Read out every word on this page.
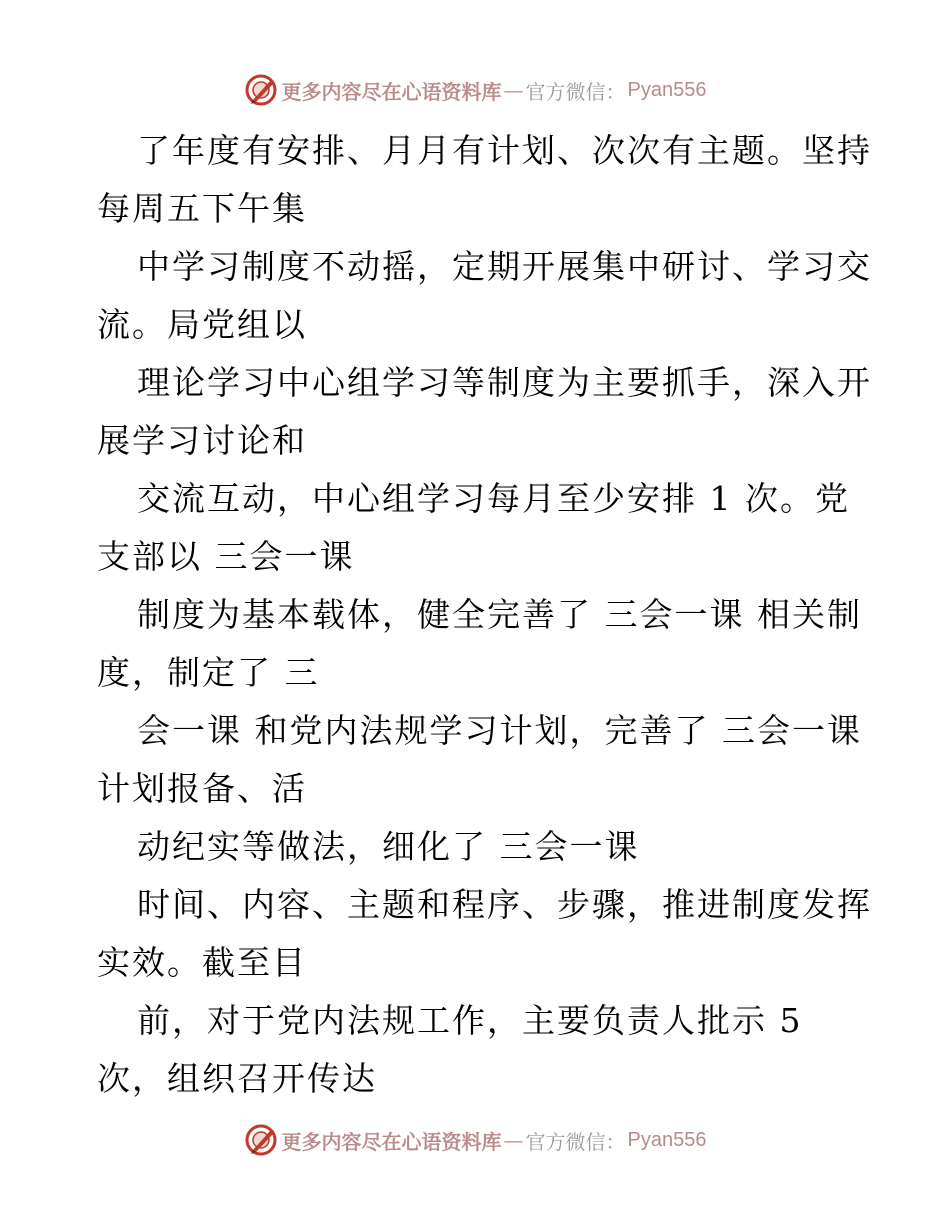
更多内容尽在心语资料库 — 官方微信： Pyan556
了年度有安排、月月有计划、次次有主题。坚持
每周五下午集
中学习制度不动摇，定期开展集中研讨、学习交
流。局党组以
理论学习中心组学习等制度为主要抓手，深入开
展学习讨论和
交流互动，中心组学习每月至少安排 1 次。党
支部以 三会一课
制度为基本载体，健全完善了 三会一课 相关制
度，制定了 三
会一课 和党内法规学习计划，完善了 三会一课
计划报备、活
动纪实等做法，细化了 三会一课
时间、内容、主题和程序、步骤，推进制度发挥
实效。截至目
前，对于党内法规工作，主要负责人批示 5
次，组织召开传达
更多内容尽在心语资料库 — 官方微信： Pyan556
